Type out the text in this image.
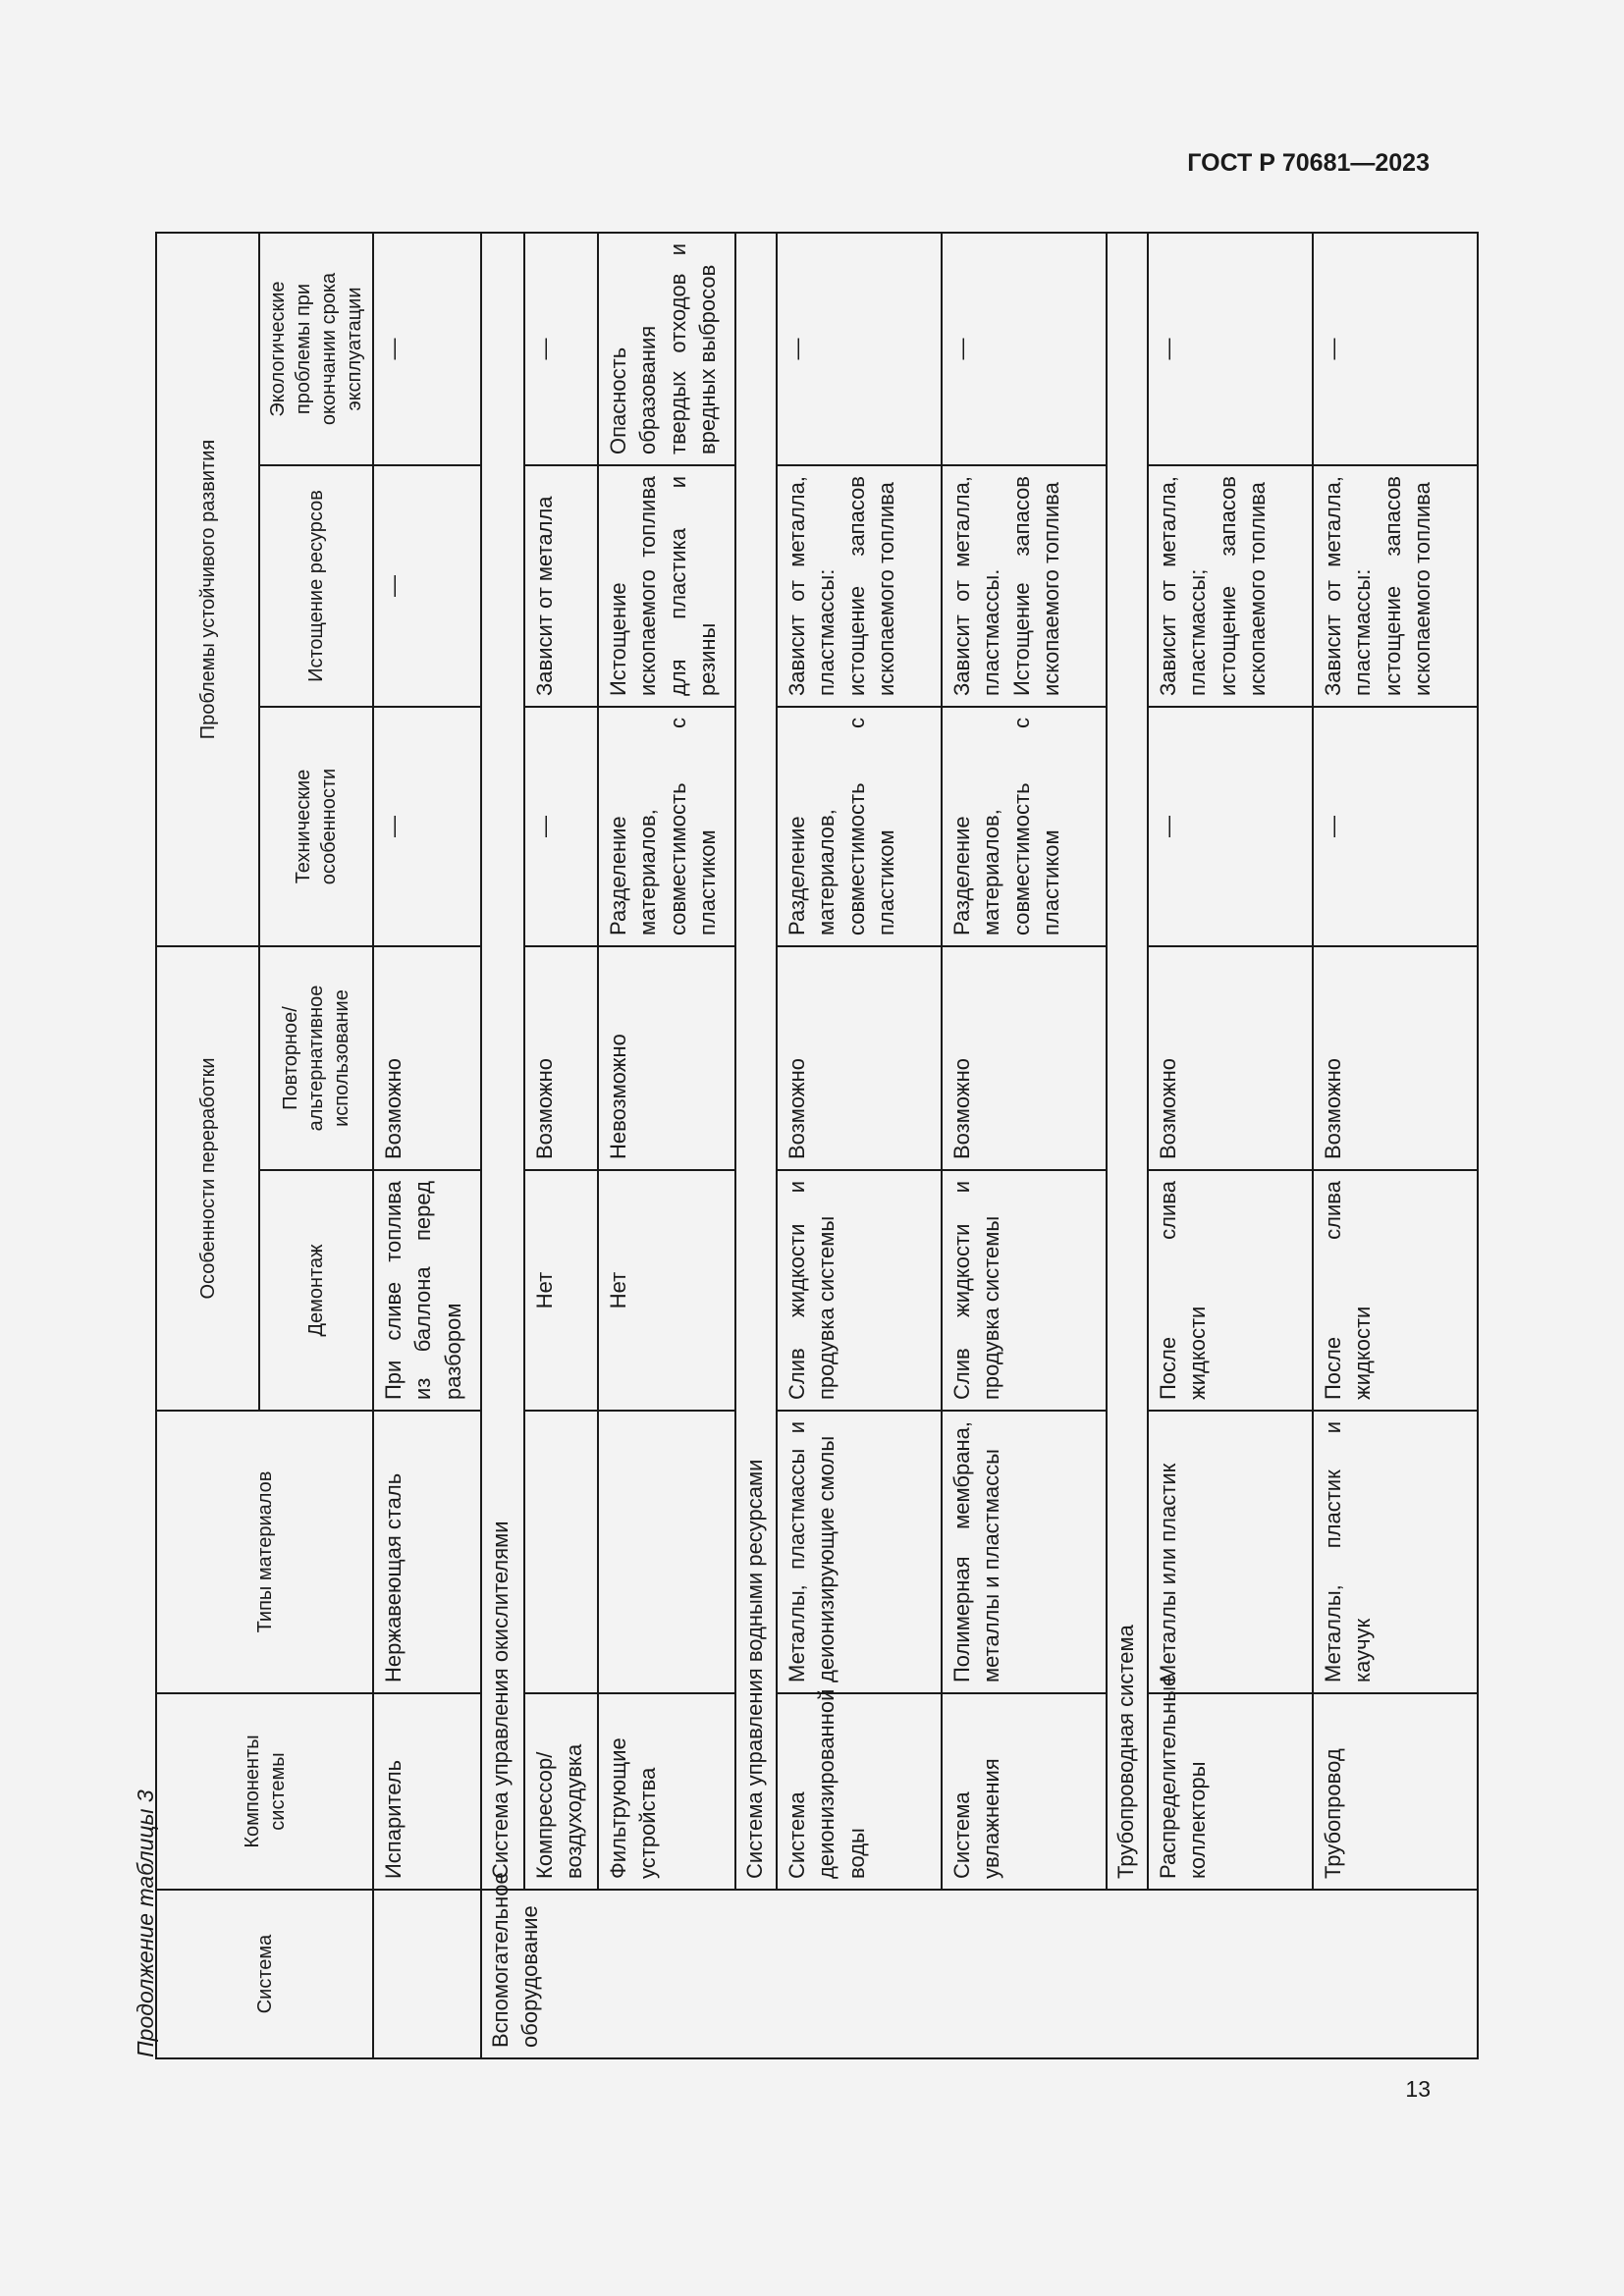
ГОСТ Р 70681—2023
Продолжение таблицы 3
13
Система	Компоненты системы	Типы материалов	Особенности переработки		Проблемы устойчивого развития		
			Демонтаж	Повторное/ альтернативное использование	Технические особенности	Истощение ресурсов	Экологические проблемы при окончании срока эксплуатации
	Испаритель	Нержавеющая сталь	При сливе топлива из баллона перед разбором	Возможно	—	—	—
Вспомогательное оборудование	Система управления окислителями						
	Компрессор/ воздуходувка		Нет	Возможно	—	Зависит от металла	—
	Фильтрующие устройства		Нет	Невозможно	Разделение материалов, совместимость с пластиком	Истощение ископаемого топлива для пластика и резины	Опасность образования твердых отходов и вредных выбросов
	Система управления водными ресурсами						
	Система деионизированной воды	Металлы, пластмассы и деионизирующие смолы	Слив жидкости и продувка системы	Возможно	Разделение материалов, совместимость с пластиком	Зависит от металла, пластмассы: истощение запасов ископаемого топлива	—
	Система увлажнения	Полимерная мембрана, металлы и пластмассы	Слив жидкости и продувка системы	Возможно	Разделение материалов, совместимость с пластиком	Зависит от металла, пластмассы. Истощение запасов ископаемого топлива	—
	Трубопроводная система						
	Распределительные коллекторы	Металлы или пластик	После слива жидкости	Возможно	—	Зависит от металла, пластмассы; истощение запасов ископаемого топлива	—
	Трубопровод	Металлы, пластик и каучук	После слива жидкости	Возможно	—	Зависит от металла, пластмассы: истощение запасов ископаемого топлива	—
